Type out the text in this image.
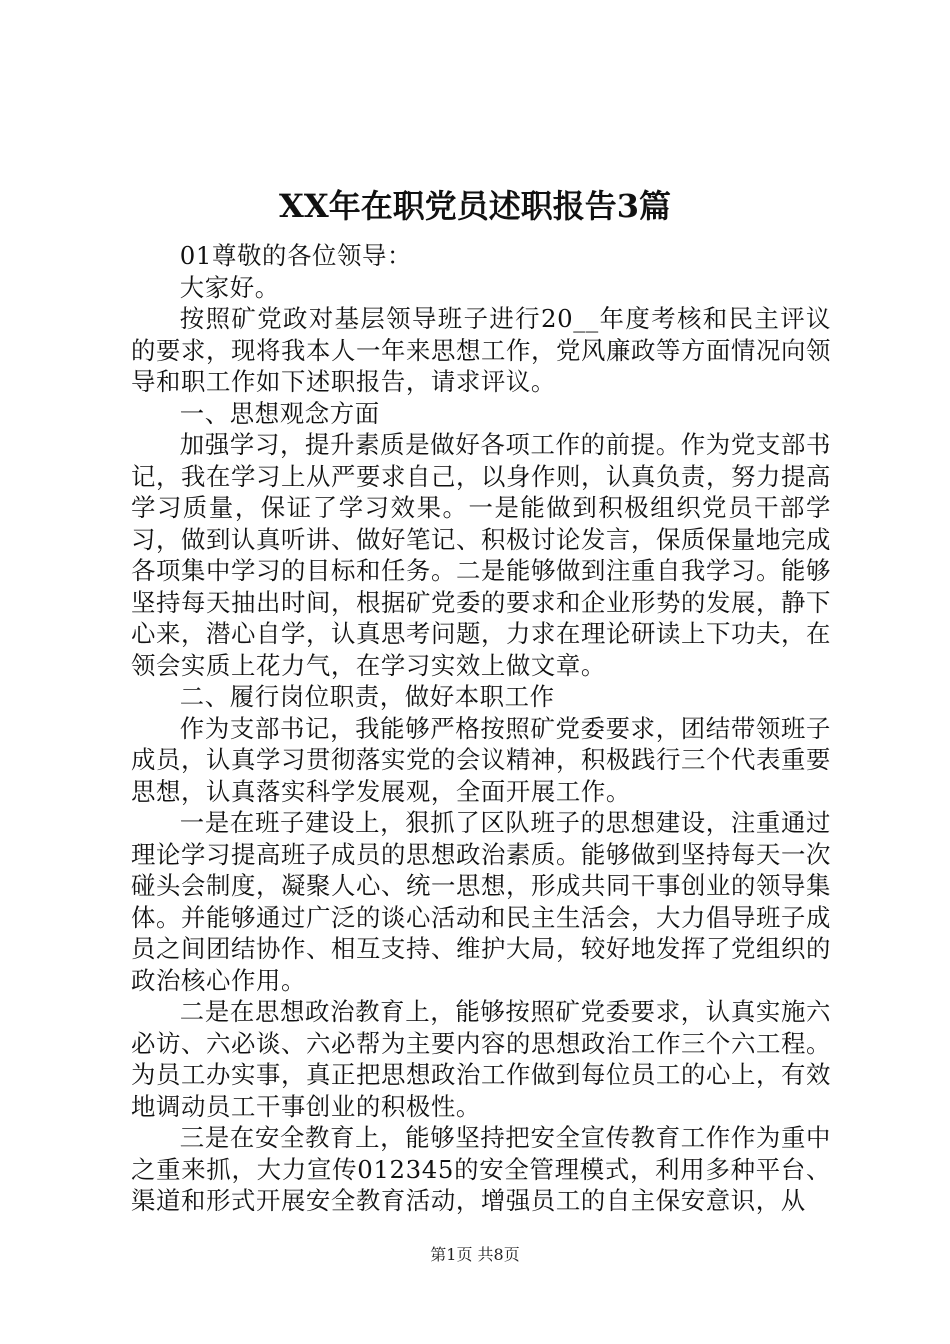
XX年在职党员述职报告3篇

01尊敬的各位领导：

大家好。

按照矿党政对基层领导班子进行20__年度考核和民主评议的要求，现将我本人一年来思想工作，党风廉政等方面情况向领导和职工作如下述职报告，请求评议。

一、思想观念方面

加强学习，提升素质是做好各项工作的前提。作为党支部书记，我在学习上从严要求自己，以身作则，认真负责，努力提高学习质量，保证了学习效果。一是能做到积极组织党员干部学习，做到认真听讲、做好笔记、积极讨论发言，保质保量地完成各项集中学习的目标和任务。二是能够做到注重自我学习。能够坚持每天抽出时间，根据矿党委的要求和企业形势的发展，静下心来，潜心自学，认真思考问题，力求在理论研读上下功夫，在领会实质上花力气，在学习实效上做文章。

二、履行岗位职责，做好本职工作

作为支部书记，我能够严格按照矿党委要求，团结带领班子成员，认真学习贯彻落实党的会议精神，积极践行三个代表重要思想，认真落实科学发展观，全面开展工作。

一是在班子建设上，狠抓了区队班子的思想建设，注重通过理论学习提高班子成员的思想政治素质。能够做到坚持每天一次碰头会制度，凝聚人心、统一思想，形成共同干事创业的领导集体。并能够通过广泛的谈心活动和民主生活会，大力倡导班子成员之间团结协作、相互支持、维护大局，较好地发挥了党组织的政治核心作用。

二是在思想政治教育上，能够按照矿党委要求，认真实施六必访、六必谈、六必帮为主要内容的思想政治工作三个六工程。为员工办实事，真正把思想政治工作做到每位员工的心上，有效地调动员工干事创业的积极性。

三是在安全教育上，能够坚持把安全宣传教育工作作为重中之重来抓，大力宣传012345的安全管理模式，利用多种平台、渠道和形式开展安全教育活动，增强员工的自主保安意识，从

第1页 共8页
